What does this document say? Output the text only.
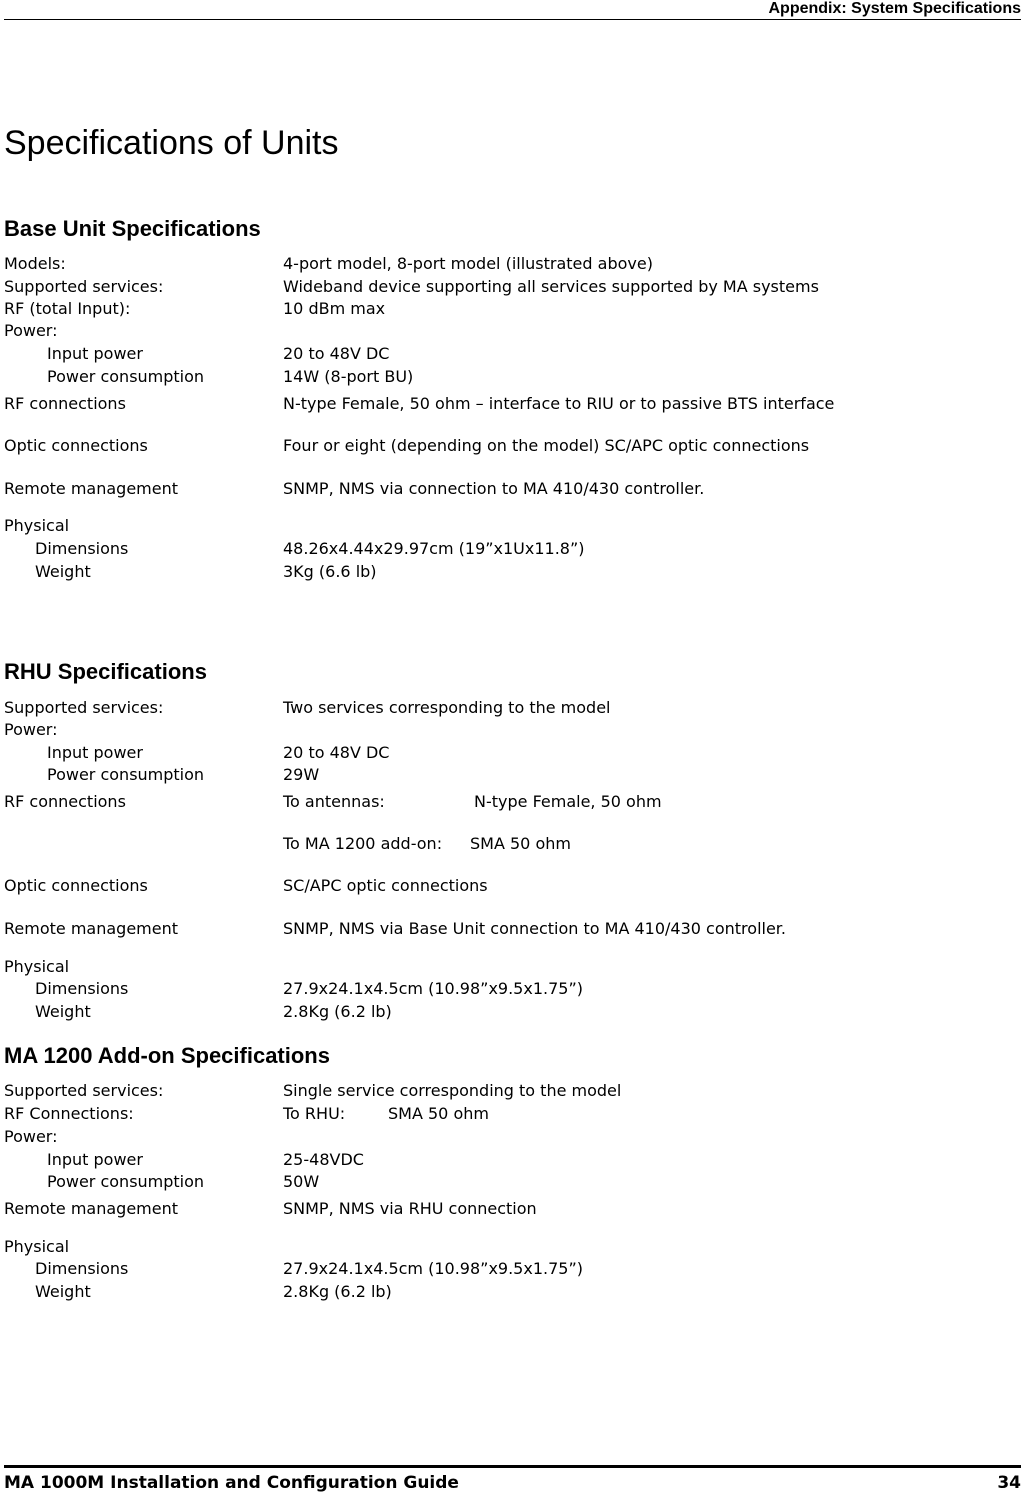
Appendix: System Specifications
Specifications of Units
Base Unit Specifications
Models:	4-port model, 8-port model (illustrated above)
Supported services:	Wideband device supporting all services supported by MA systems
RF (total Input):	10 dBm max
Power:
Input power	20 to 48V DC
Power consumption	14W (8-port BU)
RF connections	N-type Female, 50 ohm – interface to RIU or to passive BTS interface
Optic connections	Four or eight (depending on the model) SC/APC optic connections
Remote management	SNMP, NMS via connection to MA 410/430 controller.
Physical
Dimensions	48.26x4.44x29.97cm (19”x1Ux11.8”)
Weight	3Kg (6.6 lb)
RHU Specifications
Supported services:	Two services corresponding to the model
Power:
Input power	20 to 48V DC
Power consumption	29W
RF connections	To antennas:	N-type Female, 50 ohm
To MA 1200 add-on: SMA 50 ohm
Optic connections	SC/APC optic connections
Remote management	SNMP, NMS via Base Unit connection to MA 410/430 controller.
Physical
Dimensions	27.9x24.1x4.5cm (10.98”x9.5x1.75”)
Weight	2.8Kg (6.2 lb)
MA 1200 Add-on Specifications
Supported services:	Single service corresponding to the model
RF Connections:	To RHU:	SMA 50 ohm
Power:
Input power	25-48VDC
Power consumption	50W
Remote management	SNMP, NMS via RHU connection
Physical
Dimensions	27.9x24.1x4.5cm (10.98”x9.5x1.75”)
Weight	2.8Kg (6.2 lb)
MA 1000M Installation and Configuration Guide	34
